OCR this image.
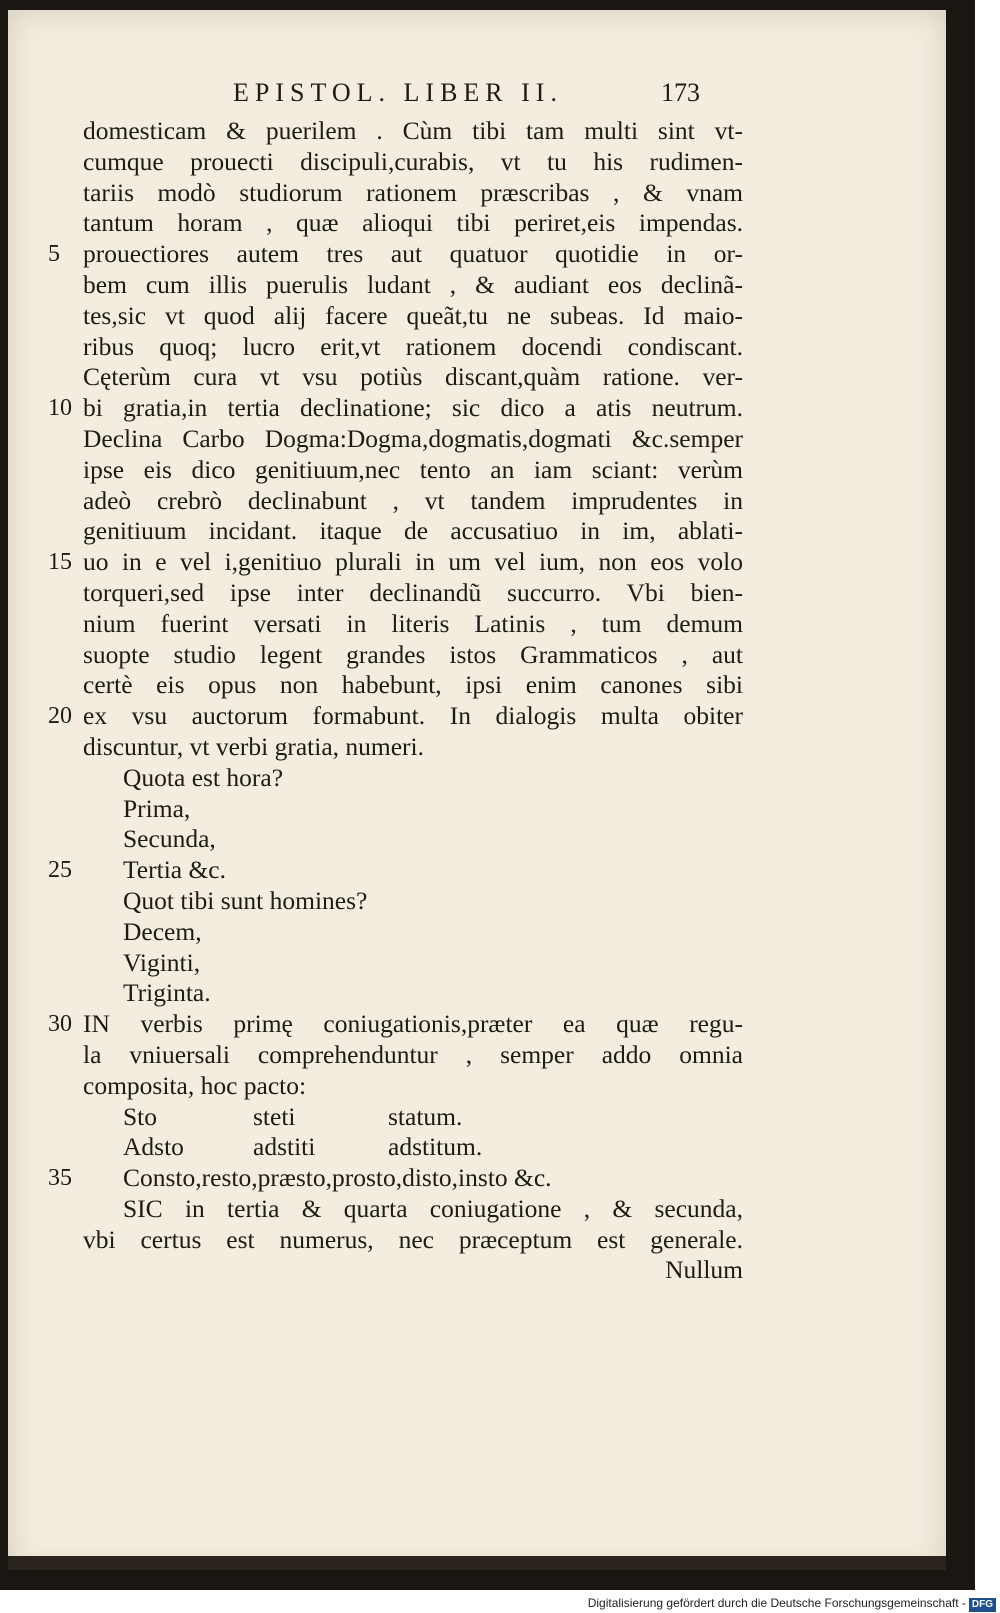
EPISTOL. LIBER II.	173
domesticam & puerilem . Cùm tibi tam multi sint vt-
cumque prouecti discipuli,curabis, vt tu his rudimen-
tariis modò studiorum rationem præscribas , & vnam
tantum horam , quæ alioqui tibi periret,eis impendas.
5 prouectiores autem tres aut quatuor quotidie in or-
bem cum illis puerulis ludant , & audiant eos declinã-
tes,sic vt quod alij facere queãt,tu ne subeas. Id maio-
ribus quoq; lucro erit,vt rationem docendi condiscant.
Cęterùm cura vt vsu potiùs discant,quàm ratione. ver-
10 bi gratia,in tertia declinatione; sic dico a atis neutrum.
Declina Carbo Dogma:Dogma,dogmatis,dogmati &c.semper
ipse eis dico genitiuum,nec tento an iam sciant: verùm
adeò crebrò declinabunt , vt tandem imprudentes in
genitiuum incidant. itaque de accusatiuo in im, ablati-
15 uo in e vel i,genitiuo plurali in um vel ium, non eos volo
torqueri,sed ipse inter declinandũ succurro. Vbi bien-
nium fuerint versati in literis Latinis , tum demum
suopte studio legent grandes istos Grammaticos , aut
certè eis opus non habebunt, ipsi enim canones sibi
20 ex vsu auctorum formabunt. In dialogis multa obiter
discuntur, vt verbi gratia, numeri.
Quota est hora?
Prima,
Secunda,
25 Tertia &c.
Quot tibi sunt homines?
Decem,
Viginti,
Triginta.
30 IN verbis primę coniugationis,præter ea quæ regu-
la vniuersali comprehenduntur , semper addo omnia
composita, hoc pacto:
Sto	steti	statum.
Adsto	adstiti	adstitum.
35 Consto,resto,præsto,prosto,disto,insto &c.
SIC in tertia & quarta coniugatione , & secunda,
vbi certus est numerus, nec præceptum est generale.
Nullum
Digitalisierung gefördert durch die Deutsche Forschungsgemeinschaft - DFG
